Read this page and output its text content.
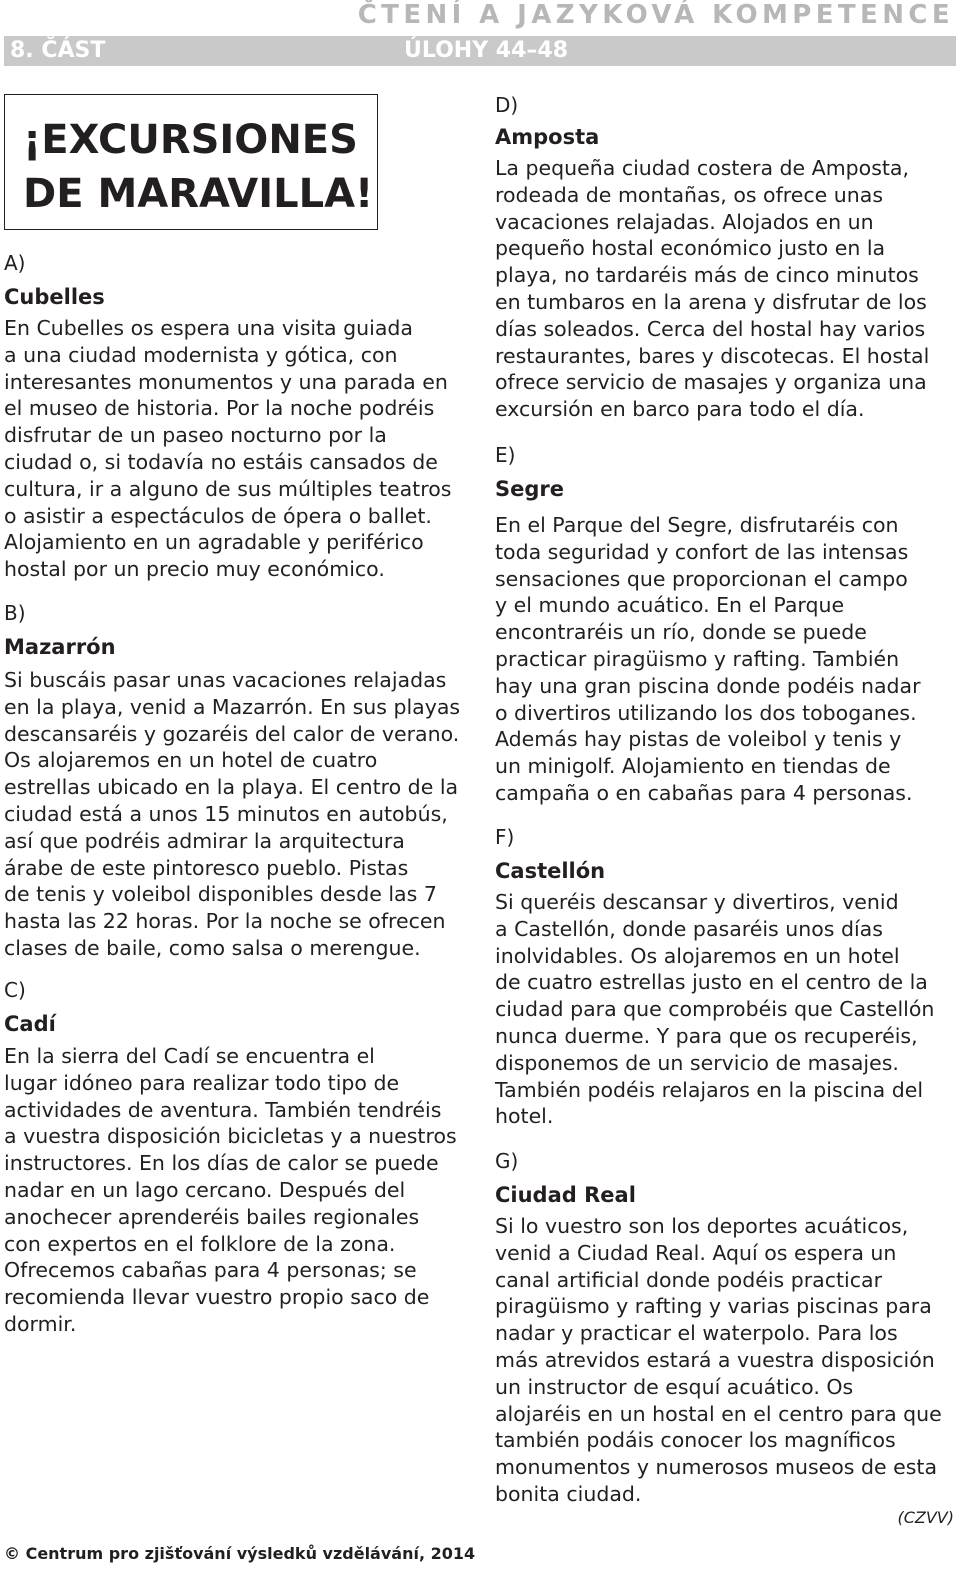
ČTENÍ A JAZYKOVÁ KOMPETENCE
8. ČÁST	ÚLOHY 44–48
¡EXCURSIONES
DE MARAVILLA!
A)
Cubelles
En Cubelles os espera una visita guiada
a una ciudad modernista y gótica, con
interesantes monumentos y una parada en
el museo de historia. Por la noche podréis
disfrutar de un paseo nocturno por la
ciudad o, si todavía no estáis cansados de
cultura, ir a alguno de sus múltiples teatros
o asistir a espectáculos de ópera o ballet.
Alojamiento en un agradable y periférico
hostal por un precio muy económico.
B)
Mazarrón
Si buscáis pasar unas vacaciones relajadas
en la playa, venid a Mazarrón. En sus playas
descansaréis y gozaréis del calor de verano.
Os alojaremos en un hotel de cuatro
estrellas ubicado en la playa. El centro de la
ciudad está a unos 15 minutos en autobús,
así que podréis admirar la arquitectura
árabe de este pintoresco pueblo. Pistas
de tenis y voleibol disponibles desde las 7
hasta las 22 horas. Por la noche se ofrecen
clases de baile, como salsa o merengue.
C)
Cadí
En la sierra del Cadí se encuentra el
lugar idóneo para realizar todo tipo de
actividades de aventura. También tendréis
a vuestra disposición bicicletas y a nuestros
instructores. En los días de calor se puede
nadar en un lago cercano. Después del
anochecer aprenderéis bailes regionales
con expertos en el folklore de la zona.
Ofrecemos cabañas para 4 personas; se
recomienda llevar vuestro propio saco de
dormir.
D)
Amposta
La pequeña ciudad costera de Amposta,
rodeada de montañas, os ofrece unas
vacaciones relajadas. Alojados en un
pequeño hostal económico justo en la
playa, no tardaréis más de cinco minutos
en tumbaros en la arena y disfrutar de los
días soleados. Cerca del hostal hay varios
restaurantes, bares y discotecas. El hostal
ofrece servicio de masajes y organiza una
excursión en barco para todo el día.
E)
Segre
En el Parque del Segre, disfrutaréis con
toda seguridad y confort de las intensas
sensaciones que proporcionan el campo
y el mundo acuático. En el Parque
encontraréis un río, donde se puede
practicar piragüismo y rafting. También
hay una gran piscina donde podéis nadar
o divertiros utilizando los dos toboganes.
Además hay pistas de voleibol y tenis y
un minigolf. Alojamiento en tiendas de
campaña o en cabañas para 4 personas.
F)
Castellón
Si queréis descansar y divertiros, venid
a Castellón, donde pasaréis unos días
inolvidables. Os alojaremos en un hotel
de cuatro estrellas justo en el centro de la
ciudad para que comprobéis que Castellón
nunca duerme. Y para que os recuperéis,
disponemos de un servicio de masajes.
También podéis relajaros en la piscina del
hotel.
G)
Ciudad Real
Si lo vuestro son los deportes acuáticos,
venid a Ciudad Real. Aquí os espera un
canal artificial donde podéis practicar
piragüismo y rafting y varias piscinas para
nadar y practicar el waterpolo. Para los
más atrevidos estará a vuestra disposición
un instructor de esquí acuático. Os
alojaréis en un hostal en el centro para que
también podáis conocer los magníficos
monumentos y numerosos museos de esta
bonita ciudad.
(CZVV)
© Centrum pro zjišťování výsledků vzdělávání, 2014
